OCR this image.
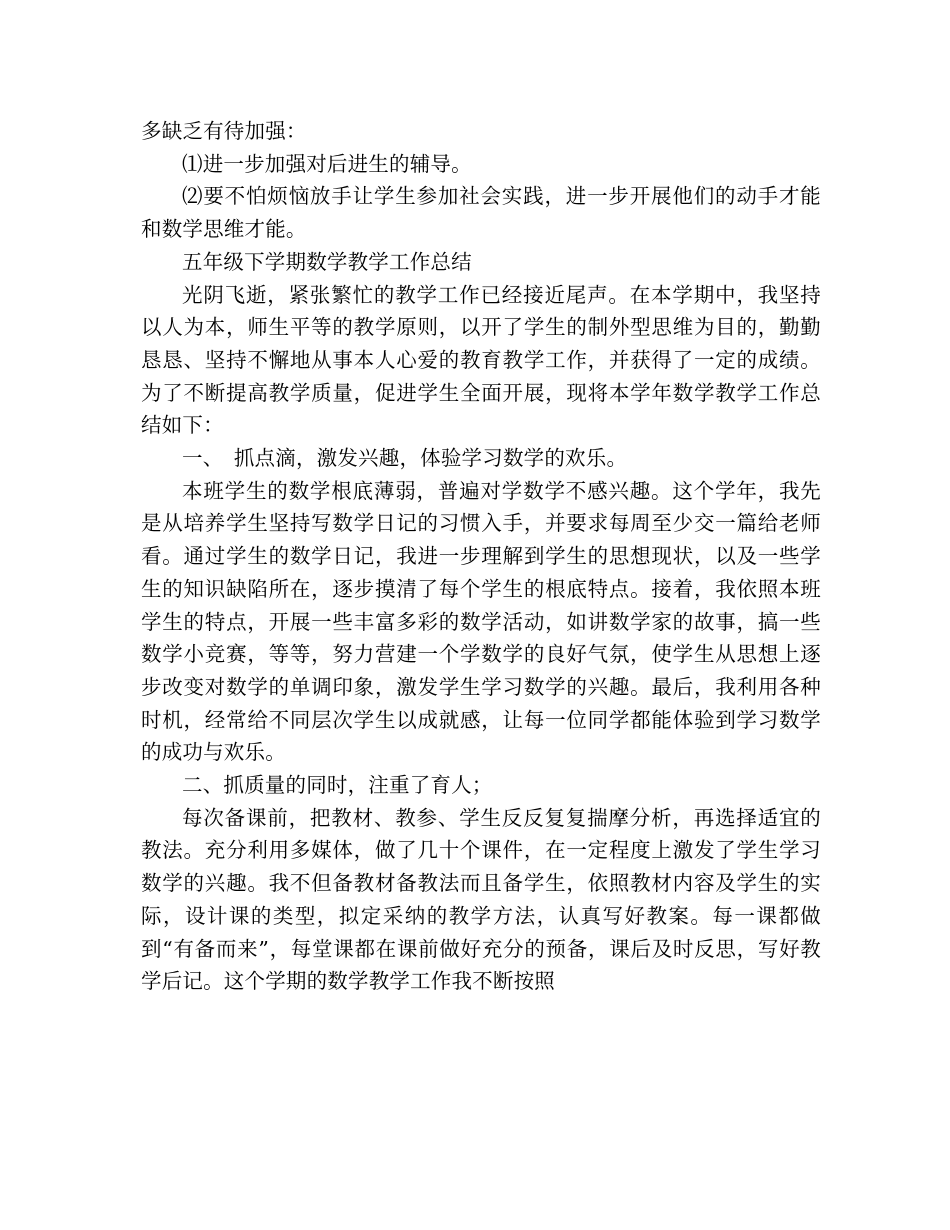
多缺乏有待加强：

⑴进一步加强对后进生的辅导。

⑵要不怕烦恼放手让学生参加社会实践，进一步开展他们的动手才能和数学思维才能。

五年级下学期数学教学工作总结

光阴飞逝，紧张繁忙的教学工作已经接近尾声。在本学期中，我坚持以人为本，师生平等的教学原则，以开了学生的制外型思维为目的，勤勤恳恳、坚持不懈地从事本人心爱的教育教学工作，并获得了一定的成绩。为了不断提高教学质量，促进学生全面开展，现将本学年数学教学工作总结如下：

一、　抓点滴，激发兴趣，体验学习数学的欢乐。

本班学生的数学根底薄弱，普遍对学数学不感兴趣。这个学年，我先是从培养学生坚持写数学日记的习惯入手，并要求每周至少交一篇给老师看。通过学生的数学日记，我进一步理解到学生的思想现状，以及一些学生的知识缺陷所在，逐步摸清了每个学生的根底特点。接着，我依照本班学生的特点，开展一些丰富多彩的数学活动，如讲数学家的故事，搞一些数学小竞赛，等等，努力营建一个学数学的良好气氛，使学生从思想上逐步改变对数学的单调印象，激发学生学习数学的兴趣。最后，我利用各种时机，经常给不同层次学生以成就感，让每一位同学都能体验到学习数学的成功与欢乐。

二、抓质量的同时，注重了育人；

每次备课前，把教材、教参、学生反反复复揣摩分析，再选择适宜的教法。充分利用多媒体，做了几十个课件，在一定程度上激发了学生学习数学的兴趣。我不但备教材备教法而且备学生，依照教材内容及学生的实际，设计课的类型，拟定采纳的教学方法，认真写好教案。每一课都做到“有备而来”，每堂课都在课前做好充分的预备，课后及时反思，写好教学后记。这个学期的数学教学工作我不断按照
